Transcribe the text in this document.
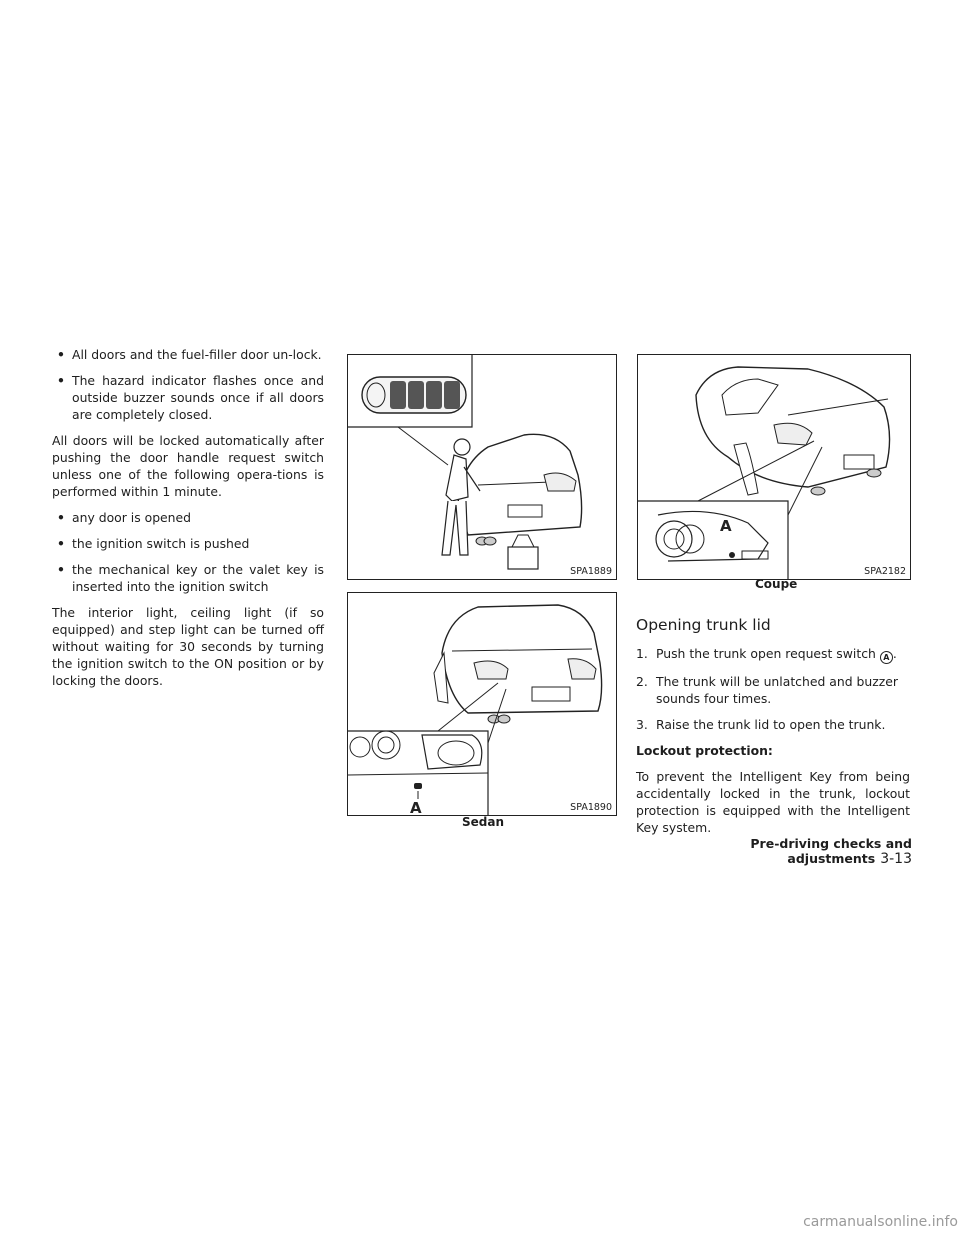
• All doors and the fuel-filler door un-lock.
• The hazard indicator flashes once and outside buzzer sounds once if all doors are completely closed.

All doors will be locked automatically after pushing the door handle request switch unless one of the following opera-tions is performed within 1 minute.

• any door is opened
• the ignition switch is pushed
• the mechanical key or the valet key is inserted into the ignition switch

The interior light, ceiling light (if so equipped) and step light can be turned off without waiting for 30 seconds by turning the ignition switch to the ON position or by locking the doors.

SPA1889
A	SPA1890
Sedan
A
SPA2182
Coupe
Opening trunk lid
1. Push the trunk open request switch A .
2. The trunk will be unlatched and buzzer sounds four times.
3. Raise the trunk lid to open the trunk.

Lockout protection:

To prevent the Intelligent Key from being accidentally locked in the trunk, lockout protection is equipped with the Intelligent Key system.

Pre-driving checks and adjustments 3-13
carmanualsonline.info
